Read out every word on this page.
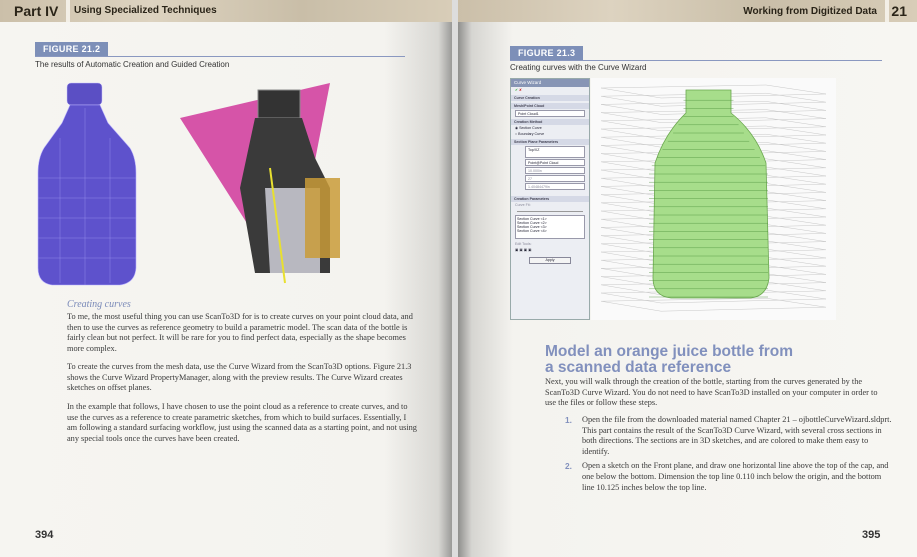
Part IV Using Specialized Techniques
FIGURE 21.2
The results of Automatic Creation and Guided Creation
Creating curves

To me, the most useful thing you can use ScanTo3D for is to create curves on your point cloud data, and then to use the curves as reference geometry to build a parametric model. The scan data of the bottle is fairly clean but not perfect. It will be rare for you to find perfect data, especially as the shape becomes more complex.

To create the curves from the mesh data, use the Curve Wizard from the ScanTo3D options. Figure 21.3 shows the Curve Wizard PropertyManager, along with the preview results. The Curve Wizard creates sketches on offset planes.

In the example that follows, I have chosen to use the point cloud as a reference to create curves, and to use the curves as a reference to create parametric sketches, from which to build surfaces. Essentially, I am following a standard surfacing workflow, just using the scanned data as a starting point, and not using any special tools once the curves have been created.

394
Working from Digitized Data 21
FIGURE 21.3
Creating curves with the Curve Wizard
Curve Wizard
✔ ✘
Curve Creation
Mesh/Point Cloud
Point Cloud1
Creation Method
◉ Section Curve
○ Boundary Curve
Section Plane Parameters
Top/XZ
Point@Point Cloud
10.000in
27
1.40484479in
Creation Parameters
Curve Fit:
Section Curve <1>
Section Curve <2>
Section Curve <3>
Section Curve <4>
Edit Tools:
▣ ▣ ▣ ▣
Apply
Model an orange juice bottle from a scanned data reference

Next, you will walk through the creation of the bottle, starting from the curves generated by the ScanTo3D Curve Wizard. You do not need to have ScanTo3D installed on your computer in order to use the files or follow these steps.

1. Open the file from the downloaded material named Chapter 21 – ojbottleCurveWizard.sldprt. This part contains the result of the ScanTo3D Curve Wizard, with several cross sections in both directions. The sections are in 3D sketches, and are colored to make them easy to identify.
2. Open a sketch on the Front plane, and draw one horizontal line above the top of the cap, and one below the bottom. Dimension the top line 0.110 inch below the origin, and the bottom line 10.125 inches below the top line.
395
